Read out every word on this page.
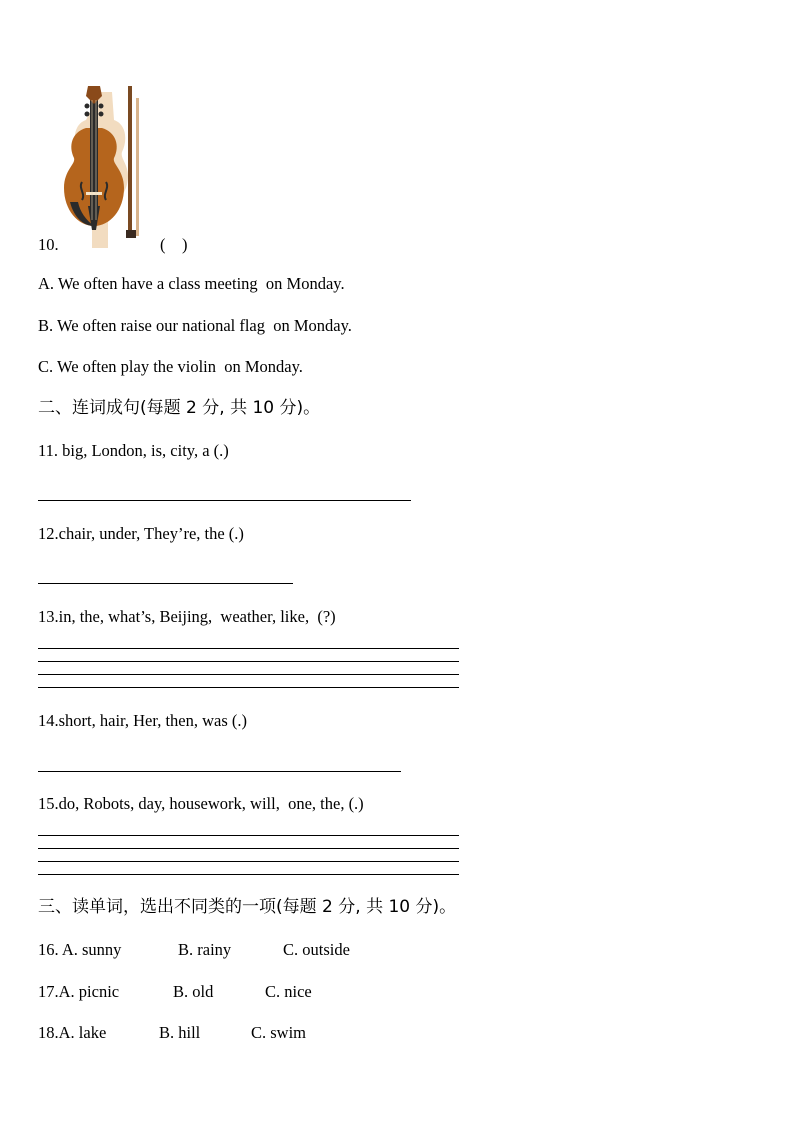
10.	(    )
A. We often have a class meeting  on Monday.
B. We often raise our national flag  on Monday.
C. We often play the violin  on Monday.
二、连词成句(每题 2 分, 共 10 分)。
11. big, London, is, city, a (.)
12.chair, under, They’re, the (.)
13.in, the, what’s, Beijing,  weather, like,  (?)
14.short, hair, Her, then, was (.)
15.do, Robots, day, housework, will,  one, the, (.)
三、读单词，选出不同类的一项(每题 2 分, 共 10 分)。
16. A. sunny	B. rainy	C. outside
17.A. picnic	B. old	C. nice
18.A. lake	B. hill	C. swim
